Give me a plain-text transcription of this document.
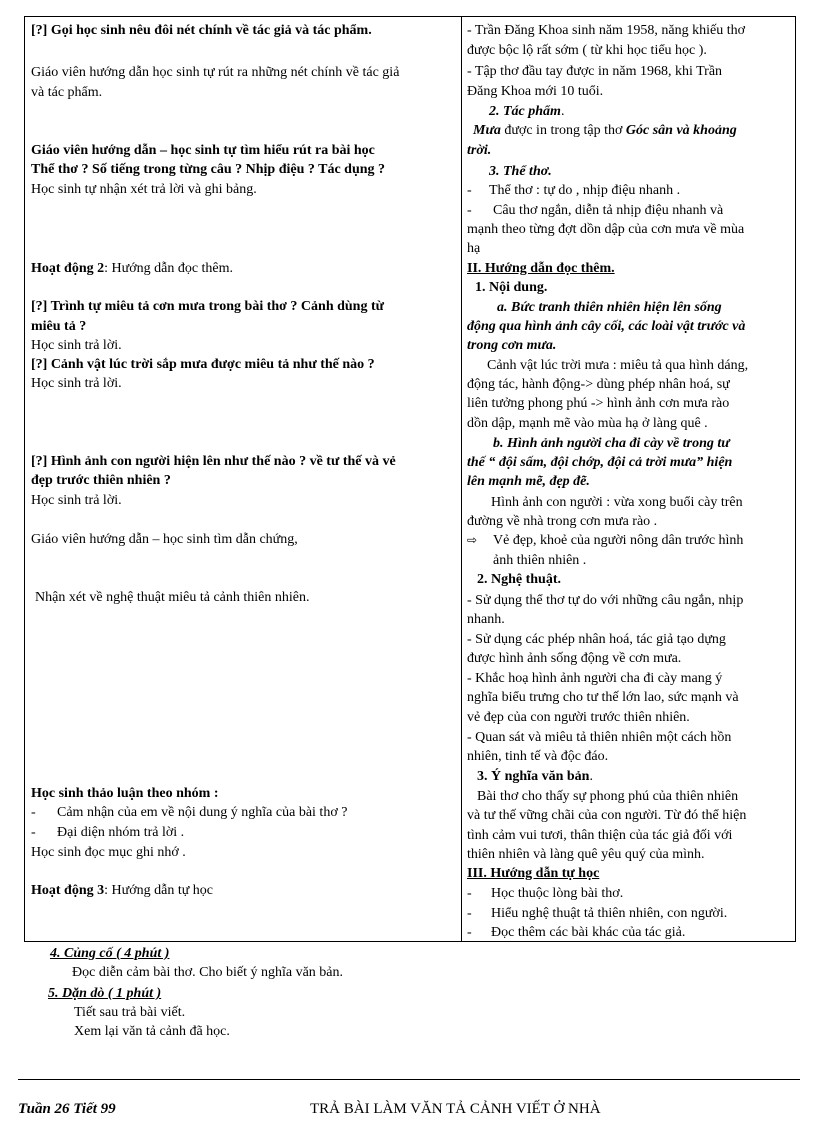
[?] Gọi học sinh nêu đôi nét chính về tác giả và tác phẩm.
Giáo viên hướng dẫn học sinh tự rút ra những nét chính về tác giả
và tác phẩm.
Giáo viên hướng dẫn – học sinh tự tìm hiểu rút ra bài học
Thể thơ ? Số tiếng trong từng câu ? Nhịp điệu ? Tác dụng ?
Học sinh tự nhận xét trả lời và ghi bảng.
Hoạt động 2: Hướng dẫn đọc thêm.
[?] Trình tự miêu tả cơn mưa trong bài thơ ? Cảnh dùng từ
miêu tả ?
Học sinh trả lời.
[?] Cảnh vật lúc trời sắp mưa được miêu tả như thế nào ?
Học sinh trả lời.
[?] Hình ảnh con người hiện lên như thế nào ? về tư thế và vẻ
đẹp trước thiên nhiên ?
Học sinh trả lời.
Giáo viên hướng dẫn – học sinh tìm dẫn chứng,
Nhận xét về nghệ thuật miêu tả cảnh thiên nhiên.
Học sinh thảo luận theo nhóm :
- Cảm nhận của em về nội dung ý nghĩa của bài thơ ?
- Đại diện nhóm trả lời .
Học sinh đọc mục ghi nhớ .
Hoạt động 3: Hướng dẫn tự học
- Trần Đăng Khoa sinh năm 1958, năng khiếu thơ
được bộc lộ rất sớm ( từ khi học tiểu học ).
- Tập thơ đầu tay được in năm 1968, khi Trần
Đăng Khoa mới 10 tuổi.
2. Tác phẩm.
Mưa được in trong tập thơ Góc sân và khoảng
trời.
3. Thể thơ.
- Thể thơ : tự do , nhịp điệu nhanh .
- Câu thơ ngắn, diễn tả nhịp điệu nhanh và
mạnh theo từng đợt dồn dập của cơn mưa về mùa
hạ
II. Hướng dẫn đọc thêm.
1. Nội dung.
a. Bức tranh thiên nhiên hiện lên sống
động qua hình ảnh cây cối, các loài vật trước và
trong cơn mưa.
Cảnh vật lúc trời mưa : miêu tả qua hình dáng,
động tác, hành động-> dùng phép nhân hoá, sự
liên tưởng phong phú -> hình ảnh cơn mưa rào
dồn dập, mạnh mẽ vào mùa hạ ở làng quê .
b. Hình ảnh người cha đi cày về trong tư
thế “ đội sấm, đội chớp, đội cả trời mưa” hiện
lên mạnh mẽ, đẹp đẽ.
Hình ảnh con người : vừa xong buổi cày trên
đường về nhà trong cơn mưa rào .
⇨ Vẻ đẹp, khoẻ của người nông dân trước hình
ảnh thiên nhiên .
2. Nghệ thuật.
- Sử dụng thể thơ tự do với những câu ngắn, nhịp
nhanh.
- Sử dụng các phép nhân hoá, tác giả tạo dựng
được hình ảnh sống động về cơn mưa.
- Khắc hoạ hình ảnh người cha đi cày mang ý
nghĩa biểu trưng cho tư thế lớn lao, sức mạnh và
vẻ đẹp của con người trước thiên nhiên.
- Quan sát và miêu tả thiên nhiên một cách hồn
nhiên, tinh tế và độc đáo.
3. Ý nghĩa văn bản.
Bài thơ cho thấy sự phong phú của thiên nhiên
và tư thế vững chãi của con người. Từ đó thể hiện
tình cảm vui tươi, thân thiện của tác giả đối với
thiên nhiên và làng quê yêu quý của mình.
III. Hướng dẫn tự học
- Học thuộc lòng bài thơ.
- Hiểu nghệ thuật tả thiên nhiên, con người.
- Đọc thêm các bài khác của tác giả.
4. Củng cố ( 4 phút )
Đọc diễn cảm bài thơ. Cho biết ý nghĩa văn bản.
5. Dặn dò ( 1 phút )
Tiết sau trả bài viết.
Xem lại văn tả cảnh đã học.
Tuần 26 Tiết 99	TRẢ BÀI LÀM VĂN TẢ CẢNH VIẾT Ở NHÀ
